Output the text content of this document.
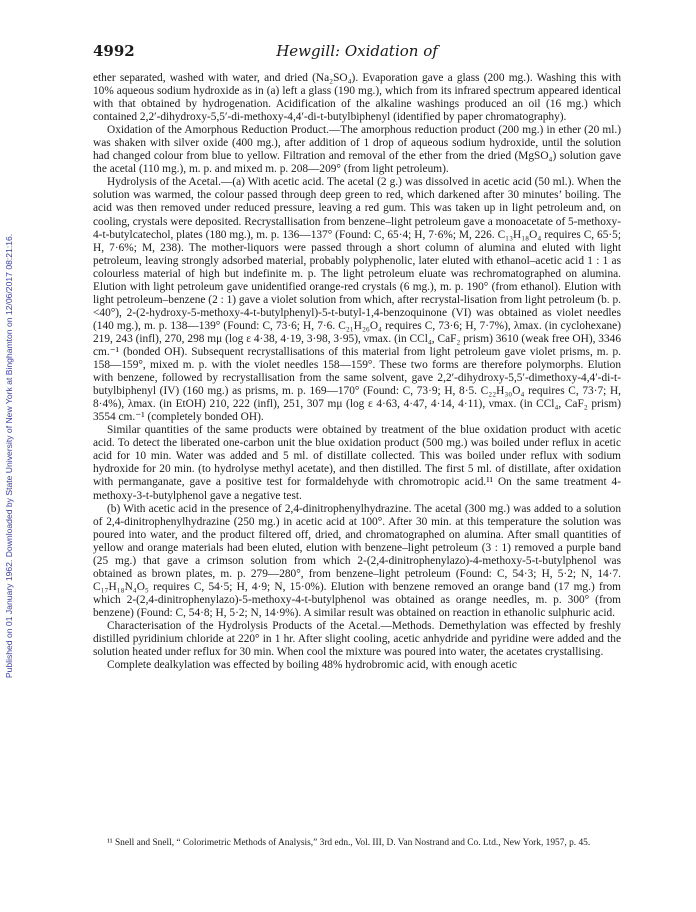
Published on 01 January 1962. Downloaded by State University of New York at Binghamton on 12/06/2017 08:21:16.
4992	Hewgill: Oxidation of

ether separated, washed with water, and dried (Na₂SO₄). Evaporation gave a glass (200 mg.). Washing this with 10% aqueous sodium hydroxide as in (a) left a glass (190 mg.), which from its infrared spectrum appeared identical with that obtained by hydrogenation. Acidification of the alkaline washings produced an oil (16 mg.) which contained 2,2′-dihydroxy-5,5′-di-methoxy-4,4′-di-t-butylbiphenyl (identified by paper chromatography).

Oxidation of the Amorphous Reduction Product.—The amorphous reduction product (200 mg.) in ether (20 ml.) was shaken with silver oxide (400 mg.), after addition of 1 drop of aqueous sodium hydroxide, until the solution had changed colour from blue to yellow. Filtration and removal of the ether from the dried (MgSO₄) solution gave the acetal (110 mg.), m. p. and mixed m. p. 208—209° (from light petroleum).

Hydrolysis of the Acetal.—(a) With acetic acid. The acetal (2 g.) was dissolved in acetic acid (50 ml.). When the solution was warmed, the colour passed through deep green to red, which darkened after 30 minutes’ boiling. The acid was then removed under reduced pressure, leaving a red gum. This was taken up in light petroleum and, on cooling, crystals were deposited. Recrystallisation from benzene–light petroleum gave a monoacetate of 5-methoxy-4-t-butylcatechol, plates (180 mg.), m. p. 136—137° (Found: C, 65·4; H, 7·6%; M, 226. C₁₃H₁₈O₄ requires C, 65·5; H, 7·6%; M, 238). The mother-liquors were passed through a short column of alumina and eluted with light petroleum, leaving strongly adsorbed material, probably polyphenolic, later eluted with ethanol–acetic acid 1 : 1 as colourless material of high but indefinite m. p. The light petroleum eluate was rechromatographed on alumina. Elution with light petroleum gave unidentified orange-red crystals (6 mg.), m. p. 190° (from ethanol). Elution with light petroleum–benzene (2 : 1) gave a violet solution from which, after recrystal-lisation from light petroleum (b. p. <40°), 2-(2-hydroxy-5-methoxy-4-t-butylphenyl)-5-t-butyl-1,4-benzoquinone (VI) was obtained as violet needles (140 mg.), m. p. 138—139° (Found: C, 73·6; H, 7·6. C₂₁H₂₆O₄ requires C, 73·6; H, 7·7%), λmax. (in cyclohexane) 219, 243 (infl), 270, 298 mμ (log ε 4·38, 4·19, 3·98, 3·95), νmax. (in CCl₄, CaF₂ prism) 3610 (weak free OH), 3346 cm.⁻¹ (bonded OH). Subsequent recrystallisations of this material from light petroleum gave violet prisms, m. p. 158—159°, mixed m. p. with the violet needles 158—159°. These two forms are therefore polymorphs. Elution with benzene, followed by recrystallisation from the same solvent, gave 2,2′-dihydroxy-5,5′-dimethoxy-4,4′-di-t-butylbiphenyl (IV) (160 mg.) as prisms, m. p. 169—170° (Found: C, 73·9; H, 8·5. C₂₂H₃₀O₄ requires C, 73·7; H, 8·4%), λmax. (in EtOH) 210, 222 (infl), 251, 307 mμ (log ε 4·63, 4·47, 4·14, 4·11), νmax. (in CCl₄, CaF₂ prism) 3554 cm.⁻¹ (completely bonded OH).

Similar quantities of the same products were obtained by treatment of the blue oxidation product with acetic acid. To detect the liberated one-carbon unit the blue oxidation product (500 mg.) was boiled under reflux in acetic acid for 10 min. Water was added and 5 ml. of distillate collected. This was boiled under reflux with sodium hydroxide for 20 min. (to hydrolyse methyl acetate), and then distilled. The first 5 ml. of distillate, after oxidation with permanganate, gave a positive test for formaldehyde with chromotropic acid.¹¹ On the same treatment 4-methoxy-3-t-butylphenol gave a negative test.

(b) With acetic acid in the presence of 2,4-dinitrophenylhydrazine. The acetal (300 mg.) was added to a solution of 2,4-dinitrophenylhydrazine (250 mg.) in acetic acid at 100°. After 30 min. at this temperature the solution was poured into water, and the product filtered off, dried, and chromatographed on alumina. After small quantities of yellow and orange materials had been eluted, elution with benzene–light petroleum (3 : 1) removed a purple band (25 mg.) that gave a crimson solution from which 2-(2,4-dinitrophenylazo)-4-methoxy-5-t-butylphenol was obtained as brown plates, m. p. 279—280°, from benzene–light petroleum (Found: C, 54·3; H, 5·2; N, 14·7. C₁₇H₁₈N₄O₅ requires C, 54·5; H, 4·9; N, 15·0%). Elution with benzene removed an orange band (17 mg.) from which 2-(2,4-dinitrophenylazo)-5-methoxy-4-t-butylphenol was obtained as orange needles, m. p. 300° (from benzene) (Found: C, 54·8; H, 5·2; N, 14·9%). A similar result was obtained on reaction in ethanolic sulphuric acid.

Characterisation of the Hydrolysis Products of the Acetal.—Methods. Demethylation was effected by freshly distilled pyridinium chloride at 220° in 1 hr. After slight cooling, acetic anhydride and pyridine were added and the solution heated under reflux for 30 min. When cool the mixture was poured into water, the acetates crystallising.

Complete dealkylation was effected by boiling 48% hydrobromic acid, with enough acetic

¹¹ Snell and Snell, “ Colorimetric Methods of Analysis,” 3rd edn., Vol. III, D. Van Nostrand and Co. Ltd., New York, 1957, p. 45.
